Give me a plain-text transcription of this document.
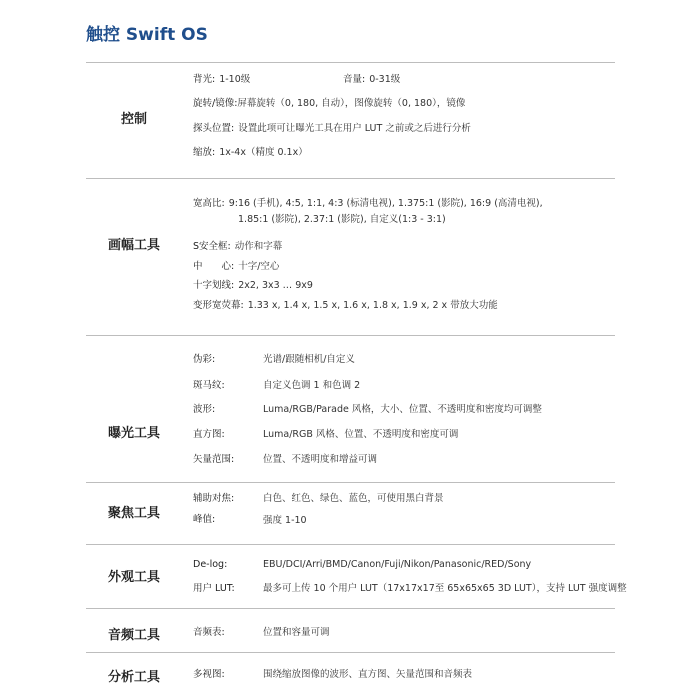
触控 Swift OS
控制
背光: 1-10级	音量: 0-31级
旋转/镜像:屏幕旋转（0, 180, 自动），图像旋转（0, 180），镜像
探头位置: 设置此项可让曝光工具在用户 LUT 之前或之后进行分析
缩放: 1x-4x（精度 0.1x）
画幅工具
宽高比: 9:16 (手机), 4:5, 1:1, 4:3 (标清电视), 1.375:1 (影院), 16:9 (高清电视),
1.85:1 (影院), 2.37:1 (影院), 自定义(1:3 - 3:1)
S安全框: 动作和字幕
中　　心: 十字/空心
十字划线: 2x2, 3x3 … 9x9
变形宽荧幕: 1.33 x, 1.4 x, 1.5 x, 1.6 x, 1.8 x, 1.9 x, 2 x 带放大功能
曝光工具
伪彩:	光谱/跟随相机/自定义
斑马纹:	自定义色调 1 和色调 2
波形:	Luma/RGB/Parade 风格，大小、位置、不透明度和密度均可调整
直方图:	Luma/RGB 风格、位置、不透明度和密度可调
矢量范围:	位置、不透明度和增益可调
聚焦工具
辅助对焦:	白色、红色、绿色、蓝色，可使用黑白背景
峰值:	强度 1-10
外观工具
De-log:	EBU/DCI/Arri/BMD/Canon/Fuji/Nikon/Panasonic/RED/Sony
用户 LUT:	最多可上传 10 个用户 LUT（17x17x17至 65x65x65 3D LUT），支持 LUT 强度调整
音频工具	音频表:	位置和容量可调
分析工具	多视图:	围绕缩放图像的波形、直方图、矢量范围和音频表
